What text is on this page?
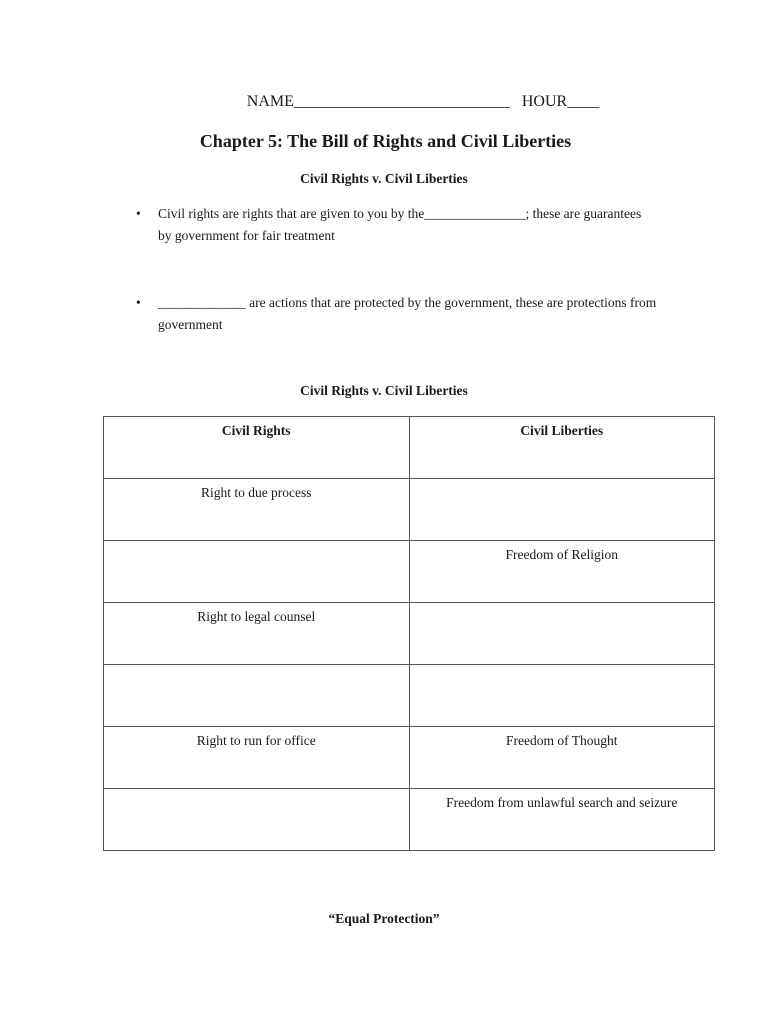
NAME___________________________   HOUR____
Chapter 5: The Bill of Rights and Civil Liberties
Civil Rights v. Civil Liberties
• Civil rights are rights that are given to you by the_______________; these are guarantees by government for fair treatment
• _____________ are actions that are protected by the government, these are protections from government
Civil Rights v. Civil Liberties
Civil Rights	Civil Liberties
Right to due process	
	Freedom of Religion
Right to legal counsel	

Right to run for office	Freedom of Thought
	Freedom from unlawful search and seizure
“Equal Protection”
